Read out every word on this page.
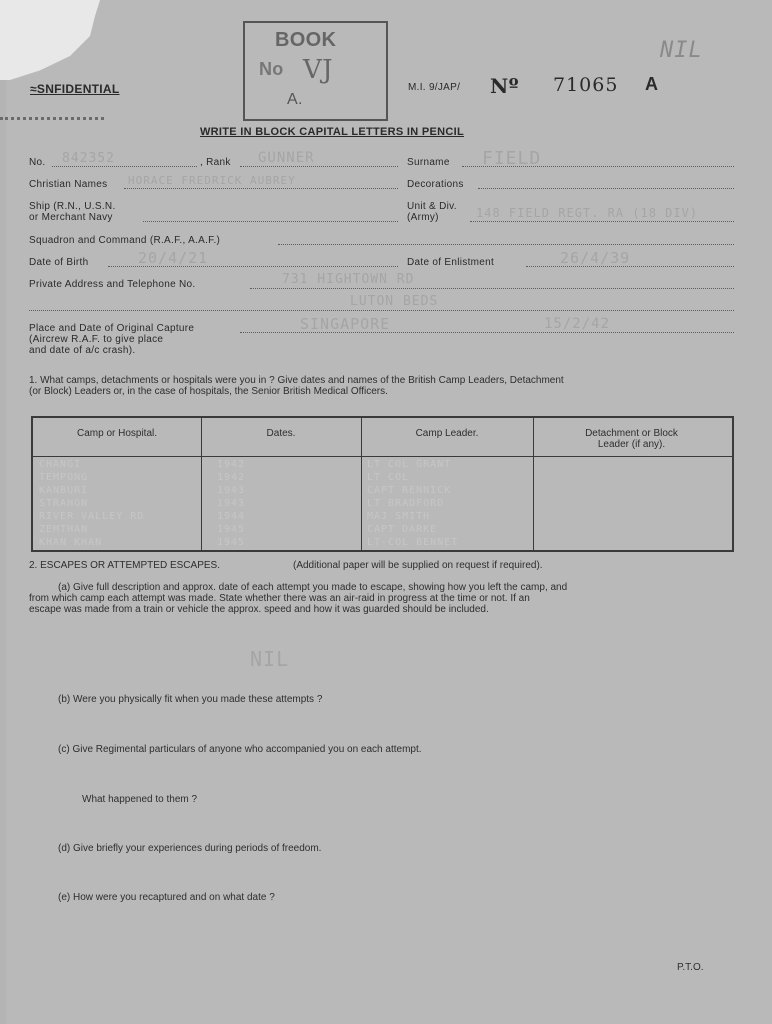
≈SNFIDENTIAL
BOOK
No VJ
A.
NIL
M.I. 9/JAP/ Nº 71065 A
WRITE IN BLOCK CAPITAL LETTERS IN PENCIL
No. 842352	, Rank GUNNER	Surname FIELD
Christian Names HORACE FREDRICK AUBREY	Decorations
Ship (R.N., U.S.N.
or Merchant Navy
Unit & Div.
(Army)	148 FIELD REGT. RA (18 DIV)
Squadron and Command (R.A.F., A.A.F.)
Date of Birth	20/4/21	Date of Enlistment	26/4/39
Private Address and Telephone No.	731 HIGHTOWN RD
LUTON BEDS
Place and Date of Original Capture
(Aircrew R.A.F. to give place
and date of a/c crash).
SINGAPORE	15/2/42
1. What camps, detachments or hospitals were you in ? Give dates and names of the British Camp Leaders, Detachment
(or Block) Leaders or, in the case of hospitals, the Senior British Medical Officers.
Camp or Hospital.	Dates.	Camp Leader.	Detachment or Block
Leader (if any).
CHANGI	1942	LT COL GRANT
TEMPONG	1942	LT COL
KANBURI	1943	CAPT RENNICK
STRAHON	1943	LT BRADFORD
RIVER VALLEY RD	1944	MAJ SMITH
ZEMTHAN	1945	CAPT DARKE
KHAN KHAN	1945	LT-COL BENNET
2. ESCAPES OR ATTEMPTED ESCAPES.	(Additional paper will be supplied on request if required).
(a) Give full description and approx. date of each attempt you made to escape, showing how you left the camp, and
from which camp each attempt was made. State whether there was an air-raid in progress at the time or not. If an
escape was made from a train or vehicle the approx. speed and how it was guarded should be included.
NIL
(b) Were you physically fit when you made these attempts ?
(c) Give Regimental particulars of anyone who accompanied you on each attempt.
What happened to them ?
(d) Give briefly your experiences during periods of freedom.
(e) How were you recaptured and on what date ?
P.T.O.
